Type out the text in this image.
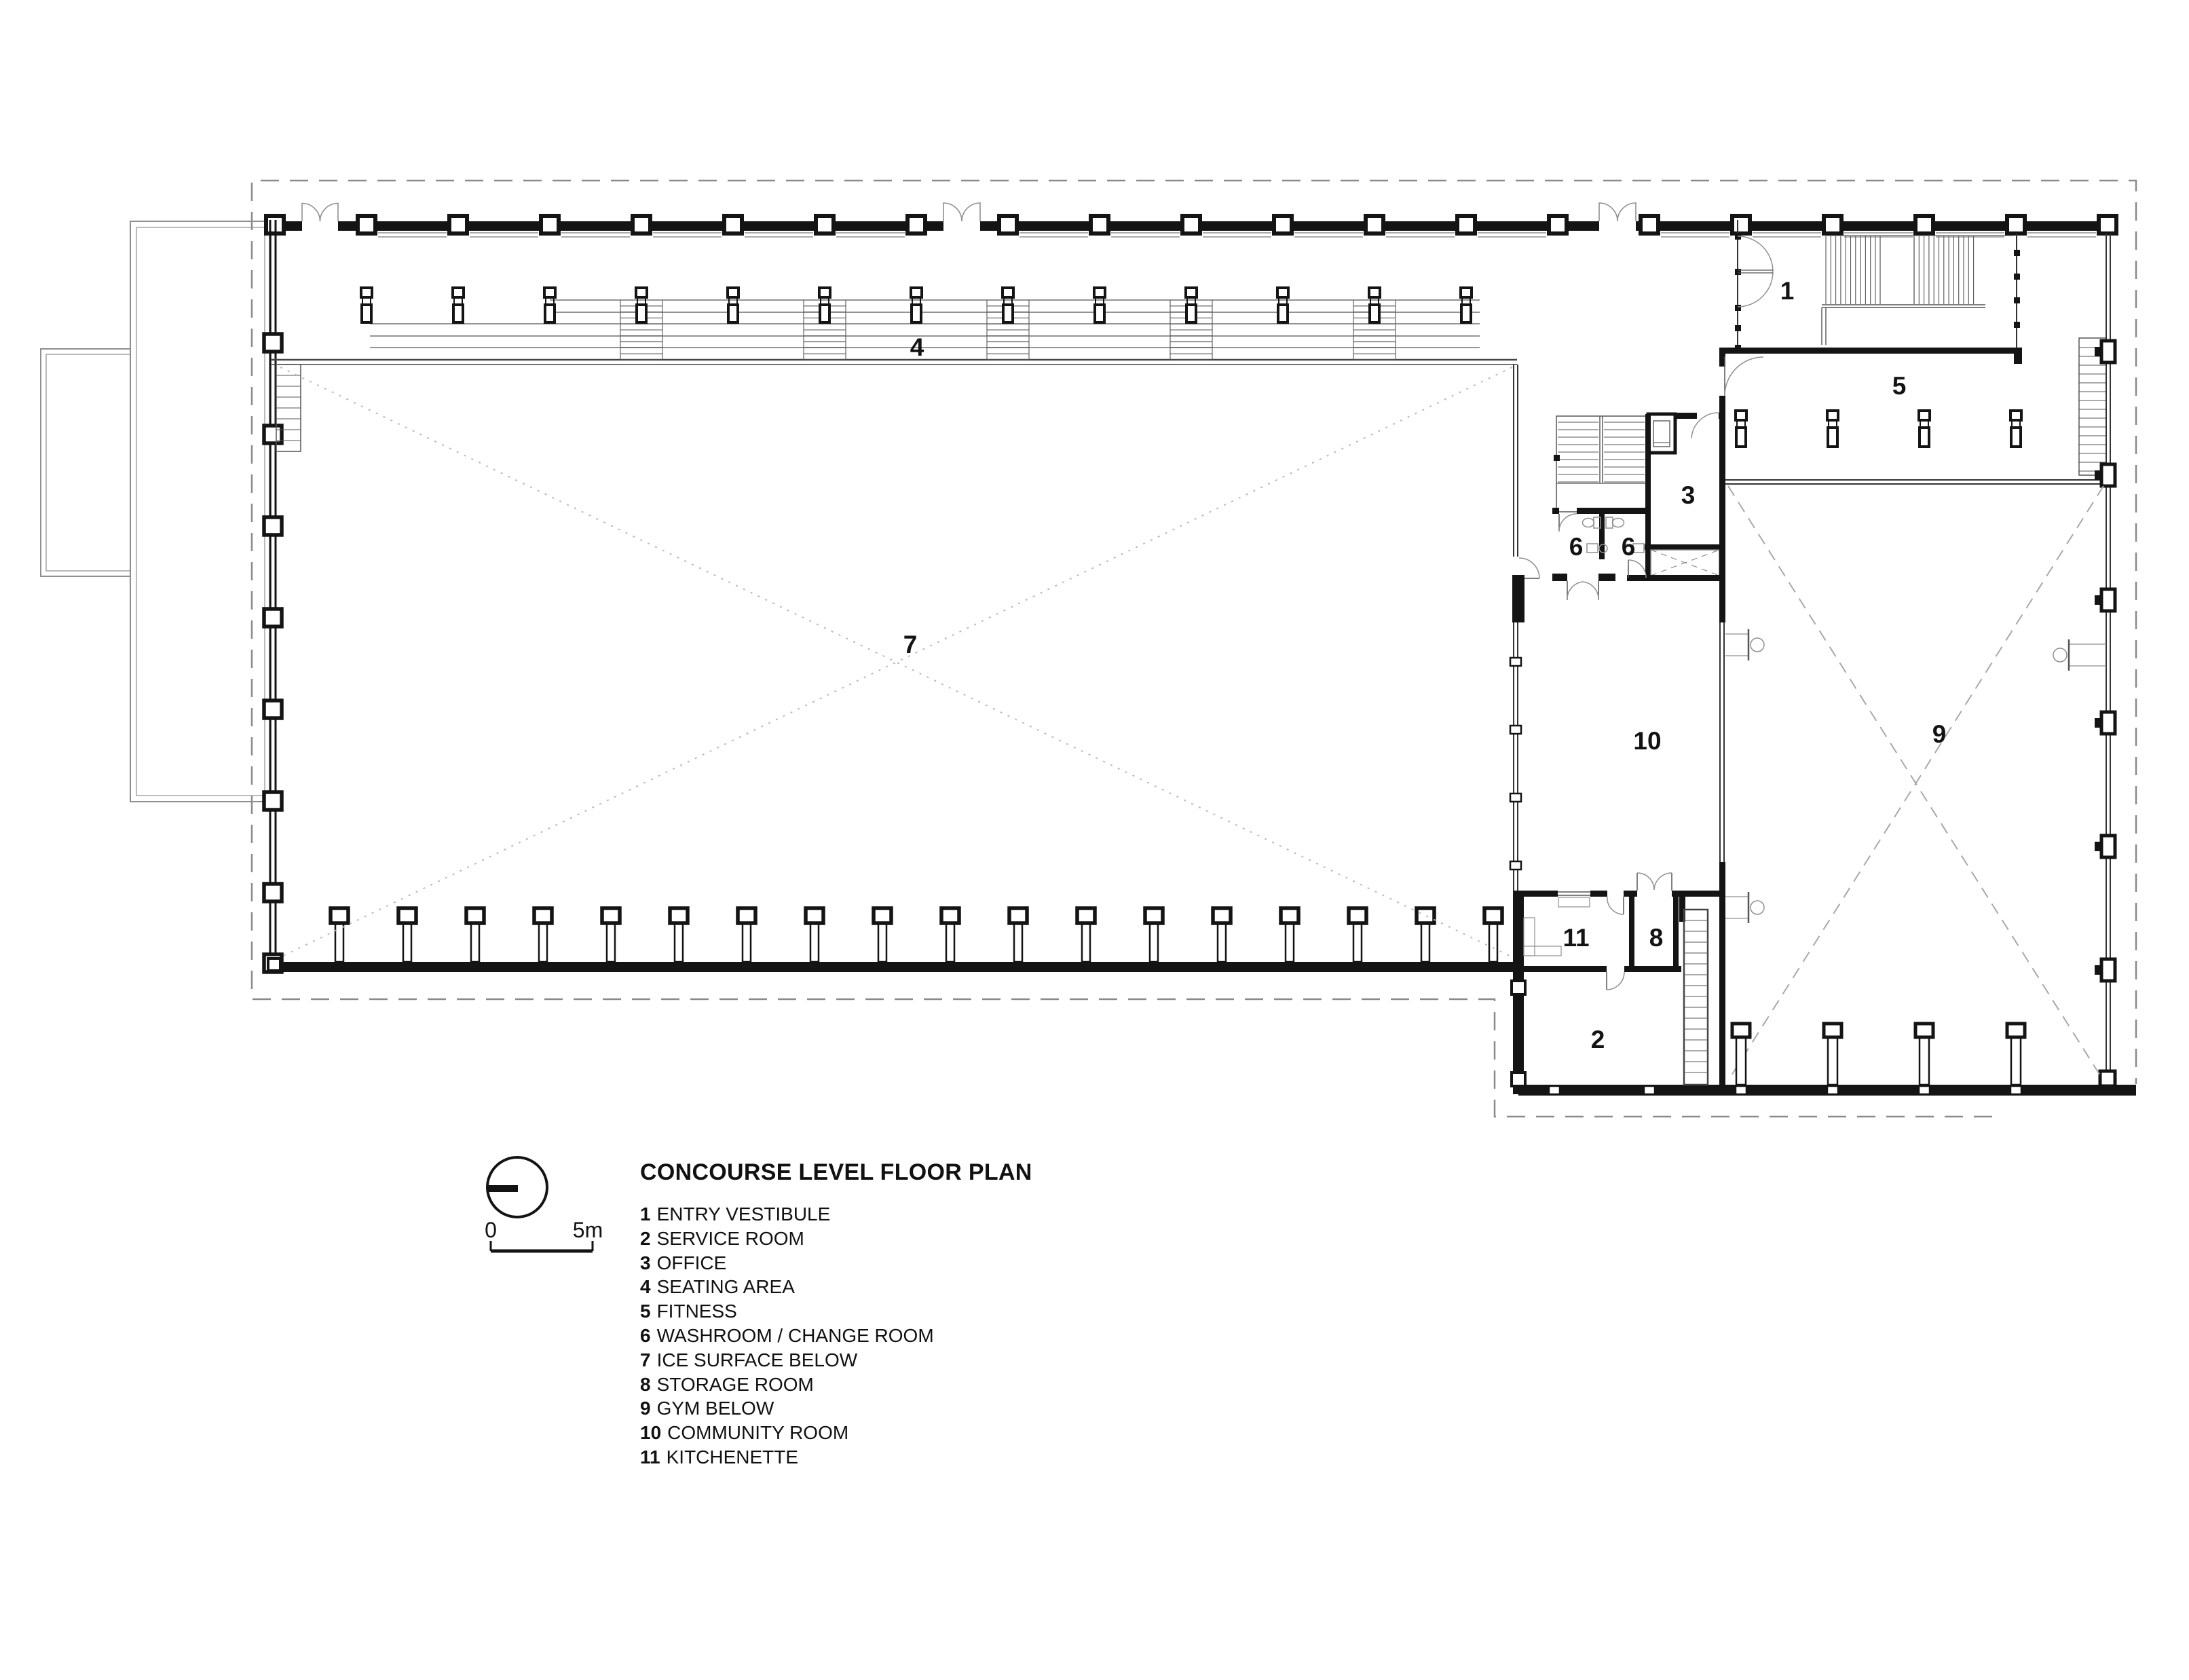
7
4
1
5
3
6 6
10	9
11 8
2
0	5m
CONCOURSE LEVEL FLOOR PLAN
1 ENTRY VESTIBULE
2 SERVICE ROOM
3 OFFICE
4 SEATING AREA
5 FITNESS
6 WASHROOM / CHANGE ROOM
7 ICE SURFACE BELOW
8 STORAGE ROOM
9 GYM BELOW
10 COMMUNITY ROOM
11 KITCHENETTE
